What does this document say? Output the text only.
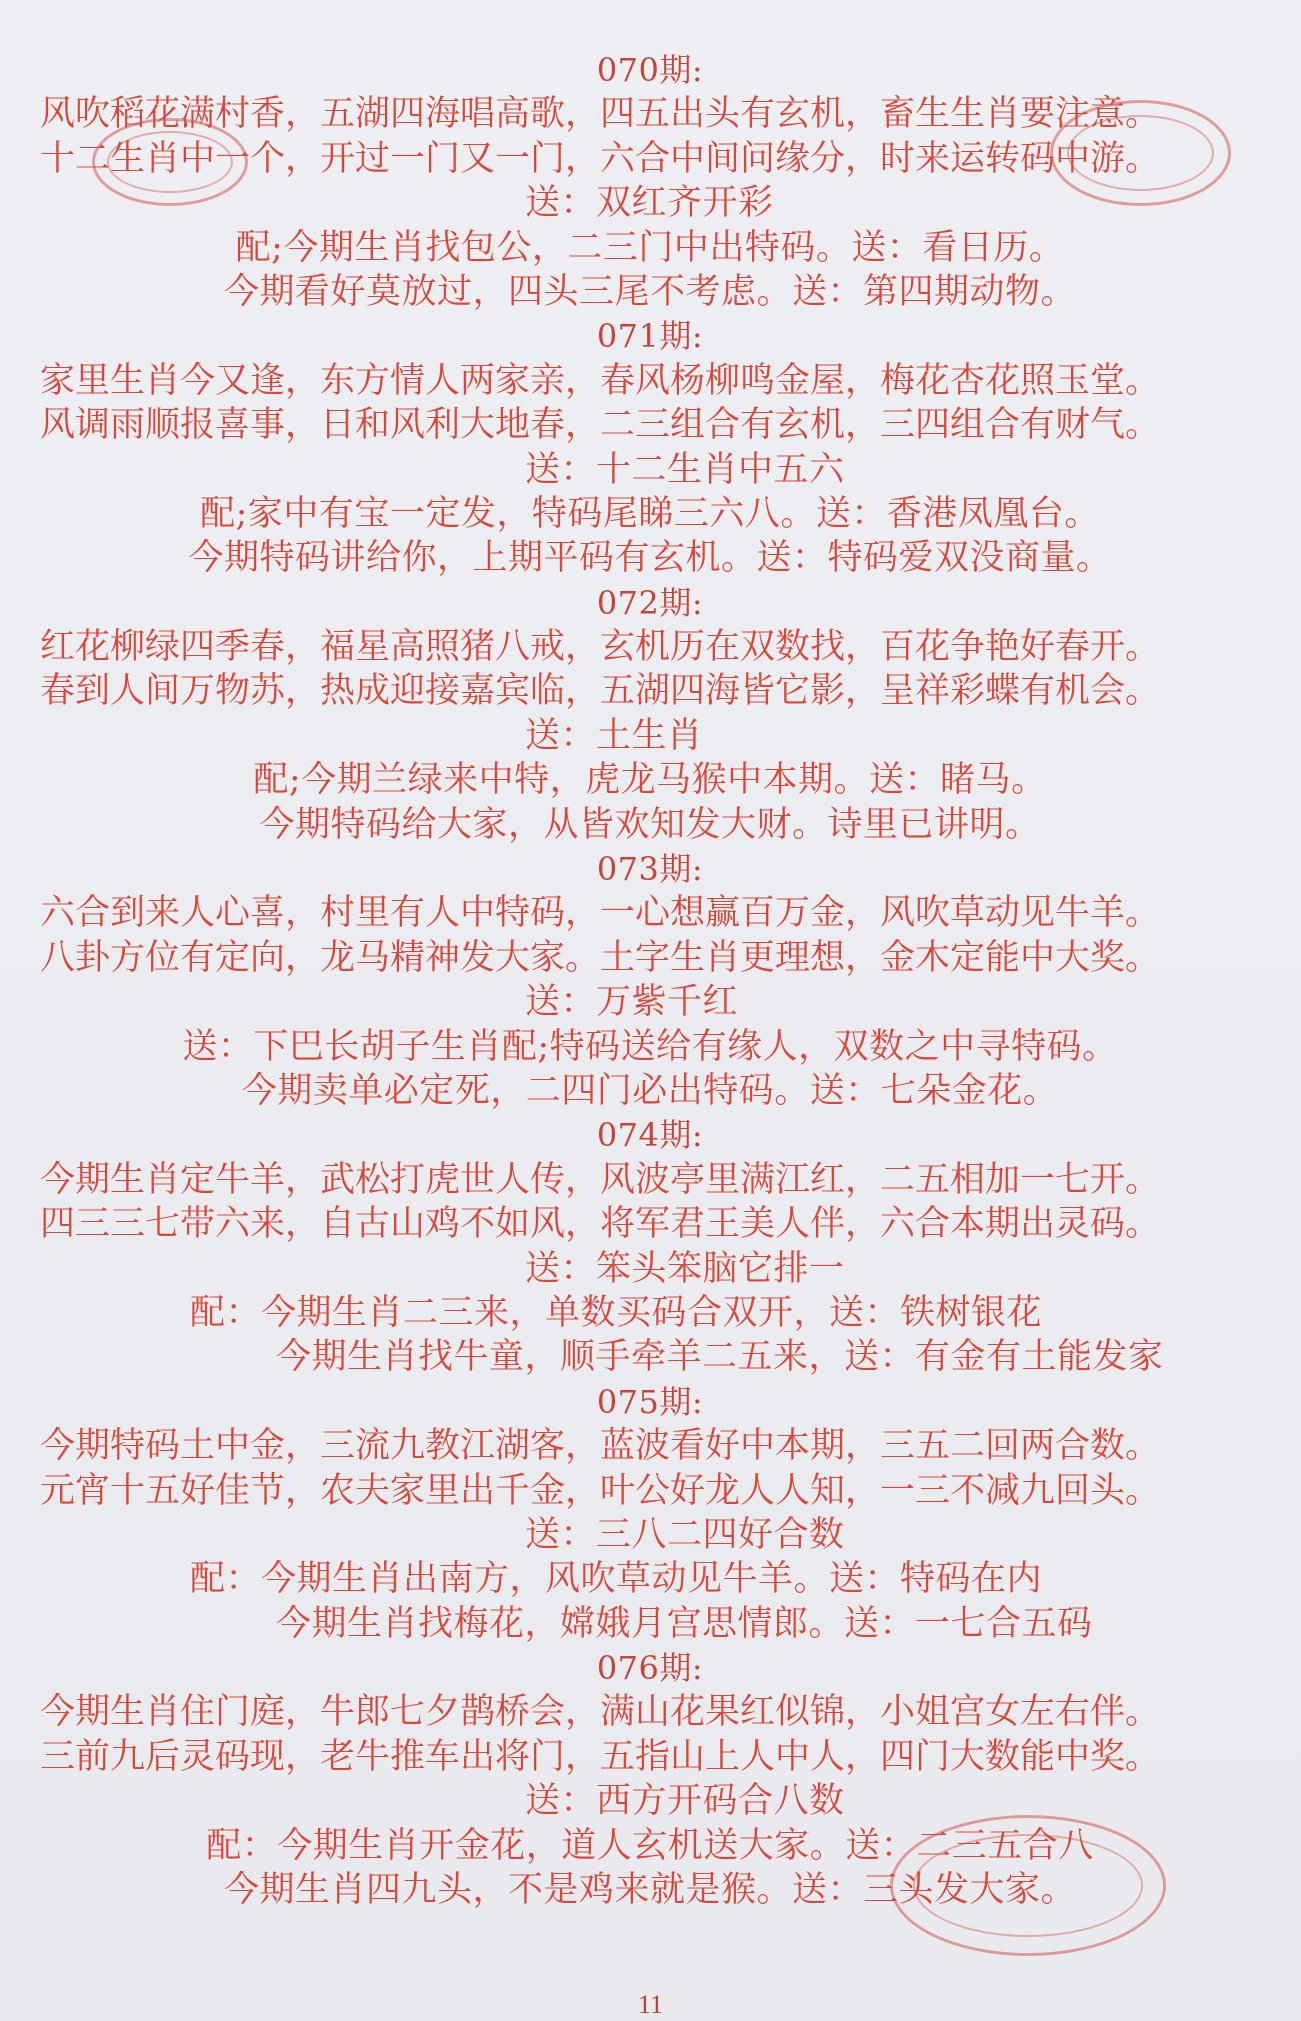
070期:
风吹稻花满村香，五湖四海唱高歌，四五出头有玄机，畜生生肖要注意。
十二生肖中一个，开过一门又一门，六合中间问缘分，时来运转码中游。
送：双红齐开彩
配;今期生肖找包公，二三门中出特码。送：看日历。
今期看好莫放过，四头三尾不考虑。送：第四期动物。
071期:
家里生肖今又逢，东方情人两家亲，春风杨柳鸣金屋，梅花杏花照玉堂。
风调雨顺报喜事，日和风利大地春，二三组合有玄机，三四组合有财气。
送：十二生肖中五六
配;家中有宝一定发，特码尾睇三六八。送：香港凤凰台。
今期特码讲给你，上期平码有玄机。送：特码爱双没商量。
072期:
红花柳绿四季春，福星高照猪八戒，玄机历在双数找，百花争艳好春开。
春到人间万物苏，热成迎接嘉宾临，五湖四海皆它影，呈祥彩蝶有机会。
送：土生肖
配;今期兰绿来中特，虎龙马猴中本期。送：睹马。
今期特码给大家，从皆欢知发大财。诗里已讲明。
073期:
六合到来人心喜，村里有人中特码，一心想赢百万金，风吹草动见牛羊。
八卦方位有定向，龙马精神发大家。土字生肖更理想，金木定能中大奖。
送：万紫千红
送：下巴长胡子生肖配;特码送给有缘人，双数之中寻特码。
今期卖单必定死，二四门必出特码。送：七朵金花。
074期:
今期生肖定牛羊，武松打虎世人传，风波亭里满江红，二五相加一七开。
四三三七带六来，自古山鸡不如风，将军君王美人伴，六合本期出灵码。
送：笨头笨脑它排一
配：今期生肖二三来，单数买码合双开，送：铁树银花
今期生肖找牛童，顺手牵羊二五来，送：有金有土能发家
075期:
今期特码土中金，三流九教江湖客，蓝波看好中本期，三五二回两合数。
元宵十五好佳节，农夫家里出千金，叶公好龙人人知，一三不减九回头。
送：三八二四好合数
配：今期生肖出南方，风吹草动见牛羊。送：特码在内
今期生肖找梅花，嫦娥月宫思情郎。送：一七合五码
076期:
今期生肖住门庭，牛郎七夕鹊桥会，满山花果红似锦，小姐宫女左右伴。
三前九后灵码现，老牛推车出将门，五指山上人中人，四门大数能中奖。
送：西方开码合八数
配：今期生肖开金花，道人玄机送大家。送：二三五合八
今期生肖四九头，不是鸡来就是猴。送：三头发大家。
11
